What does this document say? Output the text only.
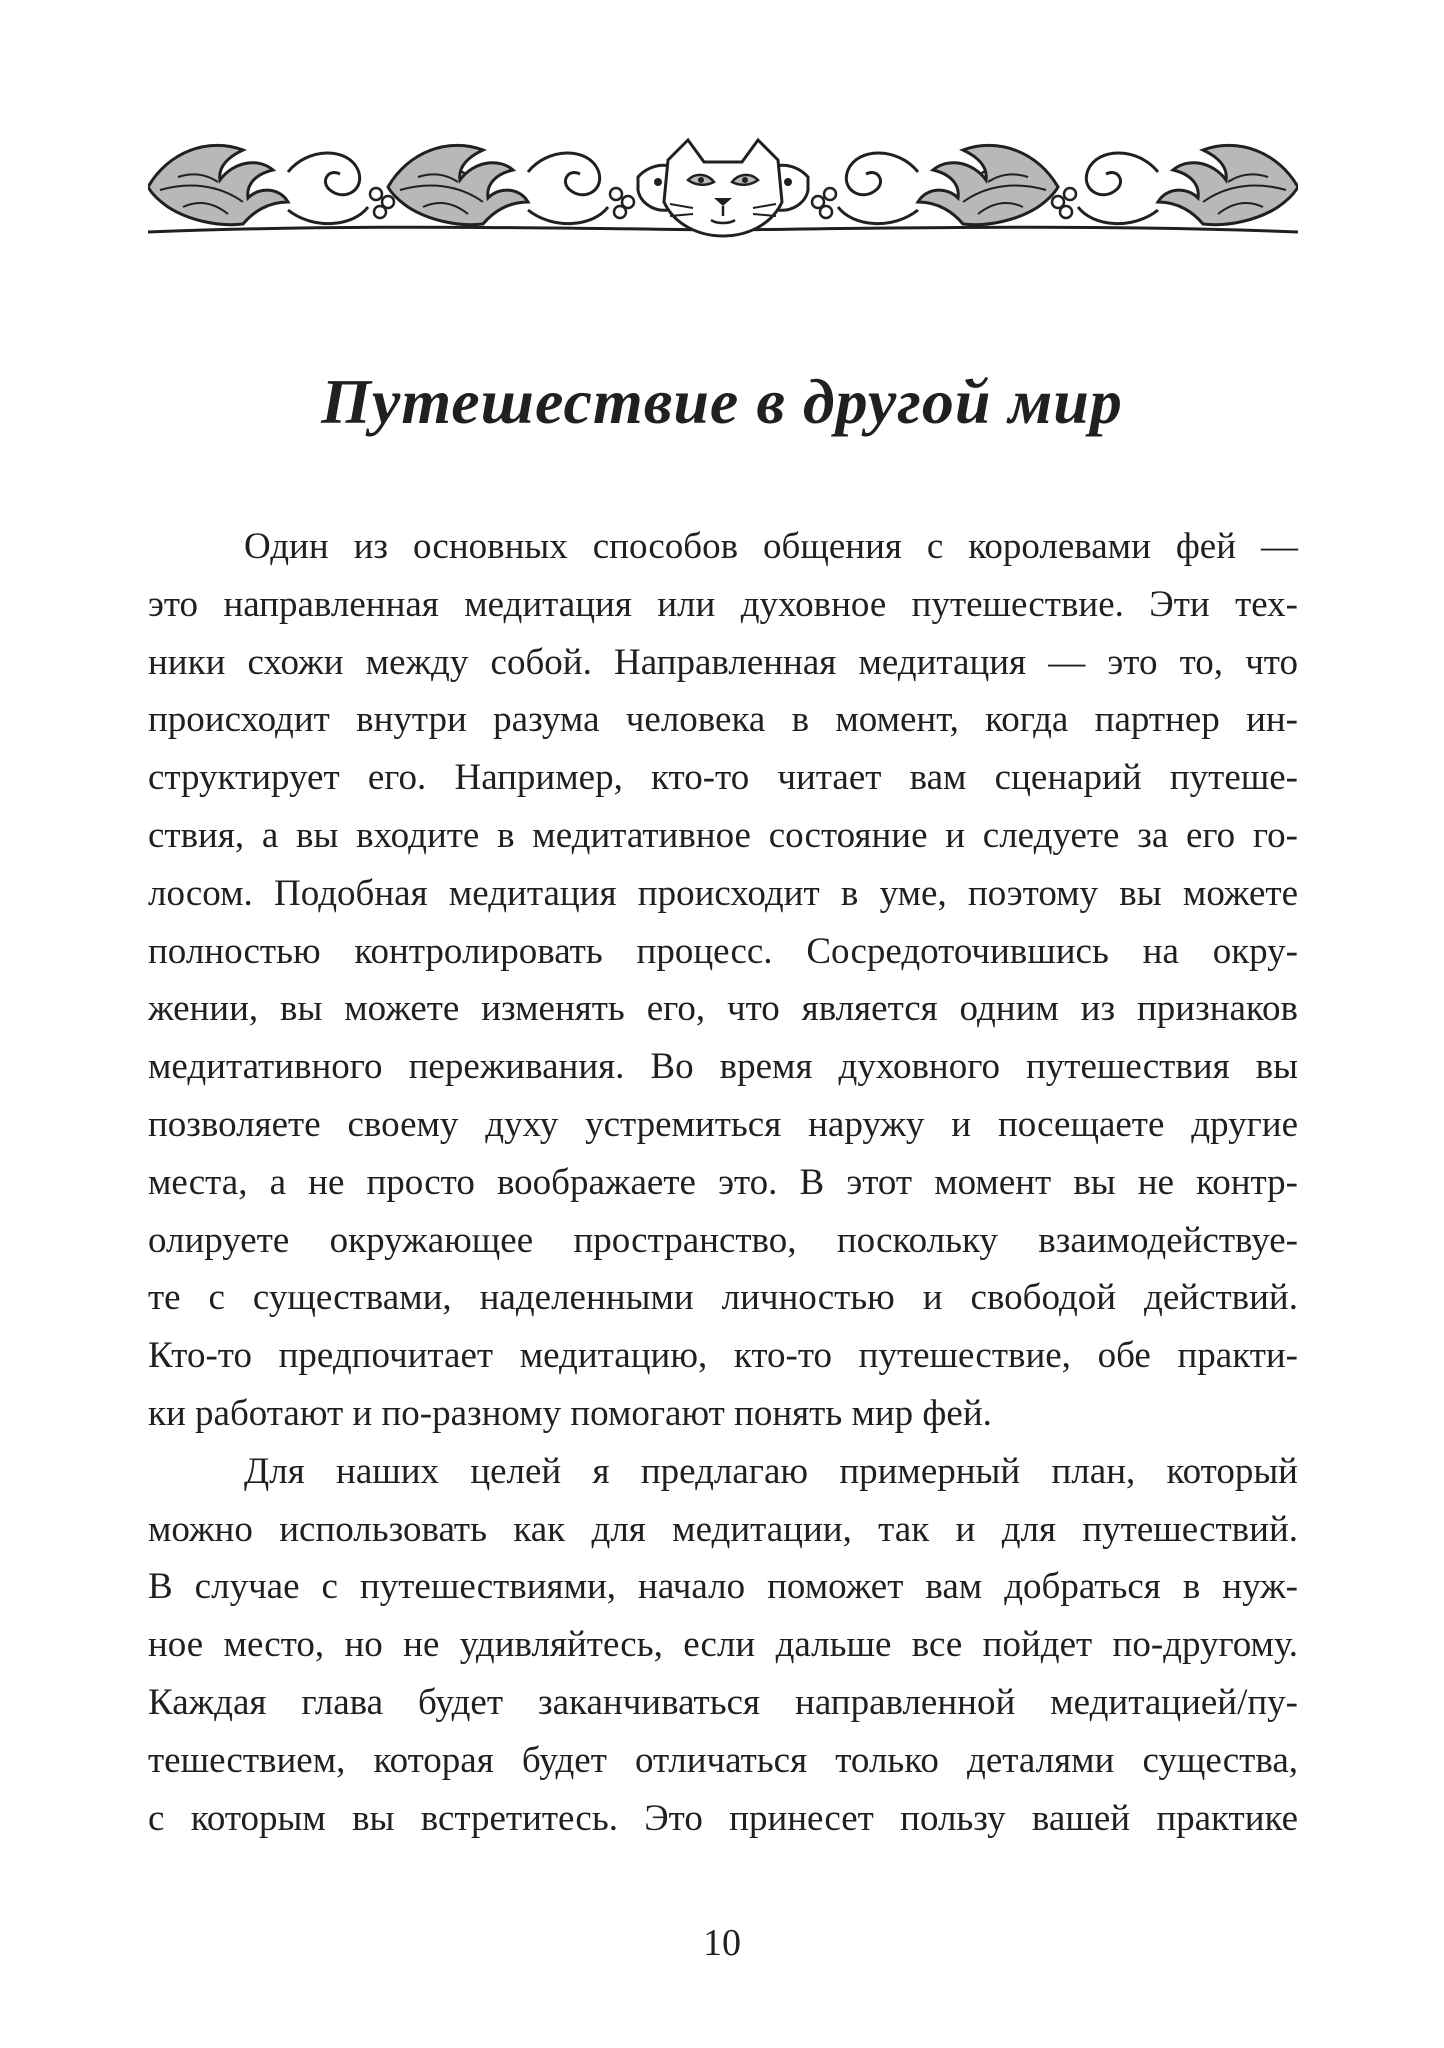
Путешествие в другой мир
Один из основных способов общения с королевами фей —
это направленная медитация или духовное путешествие. Эти тех-
ники схожи между собой. Направленная медитация — это то, что
происходит внутри разума человека в момент, когда партнер ин-
структирует его. Например, кто-то читает вам сценарий путеше-
ствия, а вы входите в медитативное состояние и следуете за его го-
лосом. Подобная медитация происходит в уме, поэтому вы можете
полностью контролировать процесс. Сосредоточившись на окру-
жении, вы можете изменять его, что является одним из признаков
медитативного переживания. Во время духовного путешествия вы
позволяете своему духу устремиться наружу и посещаете другие
места, а не просто воображаете это. В этот момент вы не контр-
олируете окружающее пространство, поскольку взаимодействуе-
те с существами, наделенными личностью и свободой действий.
Кто-то предпочитает медитацию, кто-то путешествие, обе практи-
ки работают и по-разному помогают понять мир фей.
Для наших целей я предлагаю примерный план, который
можно использовать как для медитации, так и для путешествий.
В случае с путешествиями, начало поможет вам добраться в нуж-
ное место, но не удивляйтесь, если дальше все пойдет по-другому.
Каждая глава будет заканчиваться направленной медитацией/пу-
тешествием, которая будет отличаться только деталями существа,
с которым вы встретитесь. Это принесет пользу вашей практике
10
